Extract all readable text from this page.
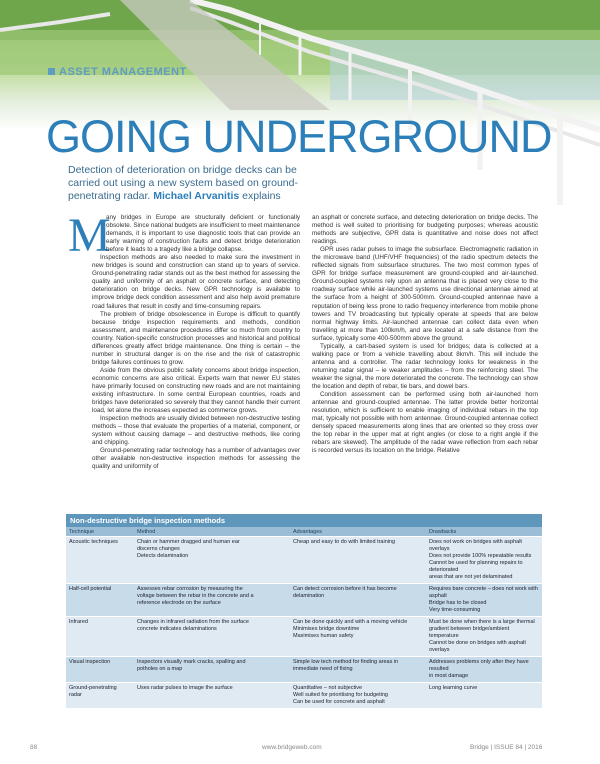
ASSET MANAGEMENT
GOING UNDERGROUND
Detection of deterioration on bridge decks can be carried out using a new system based on ground-penetrating radar. Michael Arvanitis explains
M

any bridges in Europe are structurally deficient or functionally obsolete. Since national budgets are insufficient to meet maintenance demands, it is important to use diagnostic tools that can provide an early warning of construction faults and detect bridge deterioration before it leads to a tragedy like a bridge collapse.

Inspection methods are also needed to make sure the investment in new bridges is sound and construction can stand up to years of service. Ground-penetrating radar stands out as the best method for assessing the quality and uniformity of an asphalt or concrete surface, and detecting deterioration on bridge decks. New GPR technology is available to improve bridge deck condition assessment and also help avoid premature road failures that result in costly and time-consuming repairs.

The problem of bridge obsolescence in Europe is difficult to quantify because bridge inspection requirements and methods, condition assessment, and maintenance procedures differ so much from country to country. Nation-specific construction processes and historical and political differences greatly affect bridge maintenance. One thing is certain – the number in structural danger is on the rise and the risk of catastrophic bridge failures continues to grow.

Aside from the obvious public safety concerns about bridge inspection, economic concerns are also critical. Experts warn that newer EU states have primarily focused on constructing new roads and are not maintaining existing infrastructure. In some central European countries, roads and bridges have deteriorated so severely that they cannot handle their current load, let alone the increases expected as commerce grows.

Inspection methods are usually divided between non-destructive testing methods – those that evaluate the properties of a material, component, or system without causing damage – and destructive methods, like coring and chipping.

Ground-penetrating radar technology has a number of advantages over other available non-destructive inspection methods for assessing the quality and uniformity of

an asphalt or concrete surface, and detecting deterioration on bridge decks. The method is well suited to prioritising for budgeting purposes; whereas acoustic methods are subjective, GPR data is quantitative and noise does not affect readings.

GPR uses radar pulses to image the subsurface. Electromagnetic radiation in the microwave band (UHF/VHF frequencies) of the radio spectrum detects the reflected signals from subsurface structures. The two most common types of GPR for bridge surface measurement are ground-coupled and air-launched. Ground-coupled systems rely upon an antenna that is placed very close to the roadway surface while air-launched systems use directional antennae aimed at the surface from a height of 300-500mm. Ground-coupled antennae have a reputation of being less prone to radio frequency interference from mobile phone towers and TV broadcasting but typically operate at speeds that are below normal highway limits. Air-launched antennae can collect data even when travelling at more than 100km/h, and are located at a safe distance from the surface, typically some 400-500mm above the ground.

Typically, a cart-based system is used for bridges; data is collected at a walking pace or from a vehicle travelling about 8km/h. This will include the antenna and a controller. The radar technology looks for weakness in the returning radar signal – ie weaker amplitudes – from the reinforcing steel. The weaker the signal, the more deteriorated the concrete. The technology can show the location and depth of rebar, tie bars, and dowel bars.

Condition assessment can be performed using both air-launched horn antennae and ground-coupled antennae. The latter provide better horizontal resolution, which is sufficient to enable imaging of individual rebars in the top mat, typically not possible with horn antennae. Ground-coupled antennae collect densely spaced measurements along lines that are oriented so they cross over the top rebar in the upper mat at right angles (or close to a right angle if the rebars are skewed). The amplitude of the radar wave reflection from each rebar is recorded versus its location on the bridge. Relative

Non-destructive bridge inspection methods
Technique	Method	Advantages	Drawbacks
Acoustic techniques	Chain or hammer dragged and human ear
discerns changes
Detects delamination	Cheap and easy to do with limited training	Does not work on bridges with asphalt overlays
Does not provide 100% repeatable results
Cannot be used for planning repairs to deteriorated
areas that are not yet delaminated

Half-cell potential	Assesses rebar corrosion by measuring the
voltage between the rebar in the concrete and a
reference electrode on the surface	Can detect corrosion before it has become
delamination	Requires bare concrete – does not work with
asphalt
Bridge has to be closed
Very time-consuming

Infrared	Changes in infrared radiation from the surface
concrete indicates delaminations	Can be done quickly and with a moving vehicle
Minimises bridge downtime
Maximises human safety	Must be done when there is a large thermal
gradient between bridge/ambient temperature
Cannot be done on bridges with asphalt overlays

Visual inspection	Inspectors visually mark cracks, spalling and
potholes on a map	Simple low tech method for finding areas in
immediate need of fixing	Addresses problems only after they have resulted
in most damage

Ground-penetrating radar	Uses radar pulses to image the surface	Quantitative – not subjective
Well suited for prioritising for budgeting
Can be used for concrete and asphalt	Long learning curve
88	www.bridgeweb.com	Bridge | ISSUE 84 | 2016
